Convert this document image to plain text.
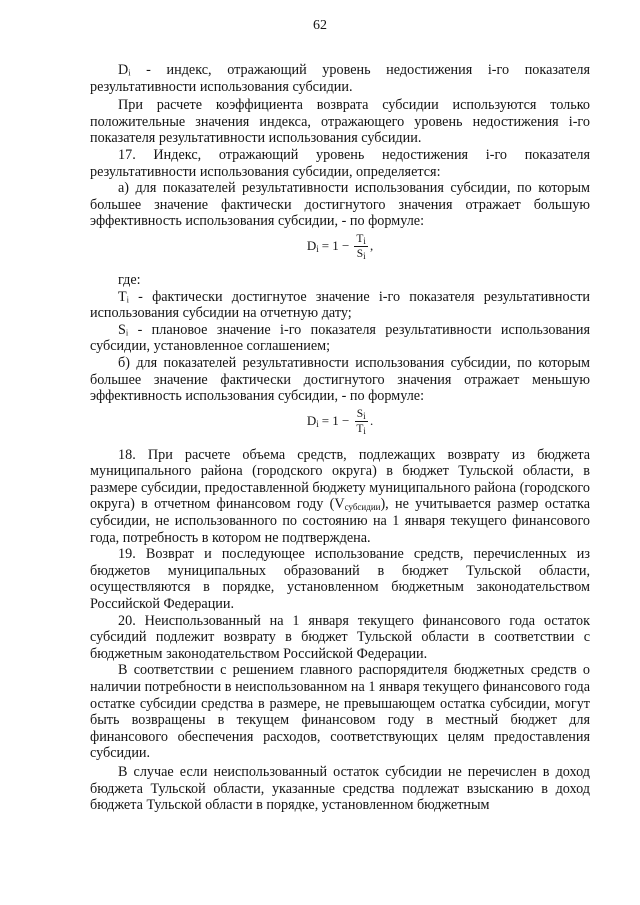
62

Dᵢ - индекс, отражающий уровень недостижения i-го показателя результативности использования субсидии.

При расчете коэффициента возврата субсидии используются только положительные значения индекса, отражающего уровень недостижения i-го показателя результативности использования субсидии.

17. Индекс, отражающий уровень недостижения i-го показателя результативности использования субсидии, определяется:

а) для показателей результативности использования субсидии, по которым большее значение фактически достигнутого значения отражает большую эффективность использования субсидии, - по формуле:

$D_i = 1 - \frac{T_i}{S_i}$ ,

где:

Tᵢ - фактически достигнутое значение i-го показателя результативности использования субсидии на отчетную дату;

Sᵢ - плановое значение i-го показателя результативности использования субсидии, установленное соглашением;

б) для показателей результативности использования субсидии, по которым большее значение фактически достигнутого значения отражает меньшую эффективность использования субсидии, - по формуле:

$D_i = 1 - \frac{S_i}{T_i}$ .

18. При расчете объема средств, подлежащих возврату из бюджета муниципального района (городского округа) в бюджет Тульской области, в размере субсидии, предоставленной бюджету муниципального района (городского округа) в отчетном финансовом году $(V_{субсидии})$, не учитывается размер остатка субсидии, не использованного по состоянию на 1 января текущего финансового года, потребность в котором не подтверждена.

19. Возврат и последующее использование средств, перечисленных из бюджетов муниципальных образований в бюджет Тульской области, осуществляются в порядке, установленном бюджетным законодательством Российской Федерации.

20. Неиспользованный на 1 января текущего финансового года остаток субсидий подлежит возврату в бюджет Тульской области в соответствии с бюджетным законодательством Российской Федерации.

В соответствии с решением главного распорядителя бюджетных средств о наличии потребности в неиспользованном на 1 января текущего финансового года остатке субсидии средства в размере, не превышающем остатка субсидии, могут быть возвращены в текущем финансовом году в местный бюджет для финансового обеспечения расходов, соответствующих целям предоставления субсидии.

В случае если неиспользованный остаток субсидии не перечислен в доход бюджета Тульской области, указанные средства подлежат взысканию в доход бюджета Тульской области в порядке, установленном бюджетным
